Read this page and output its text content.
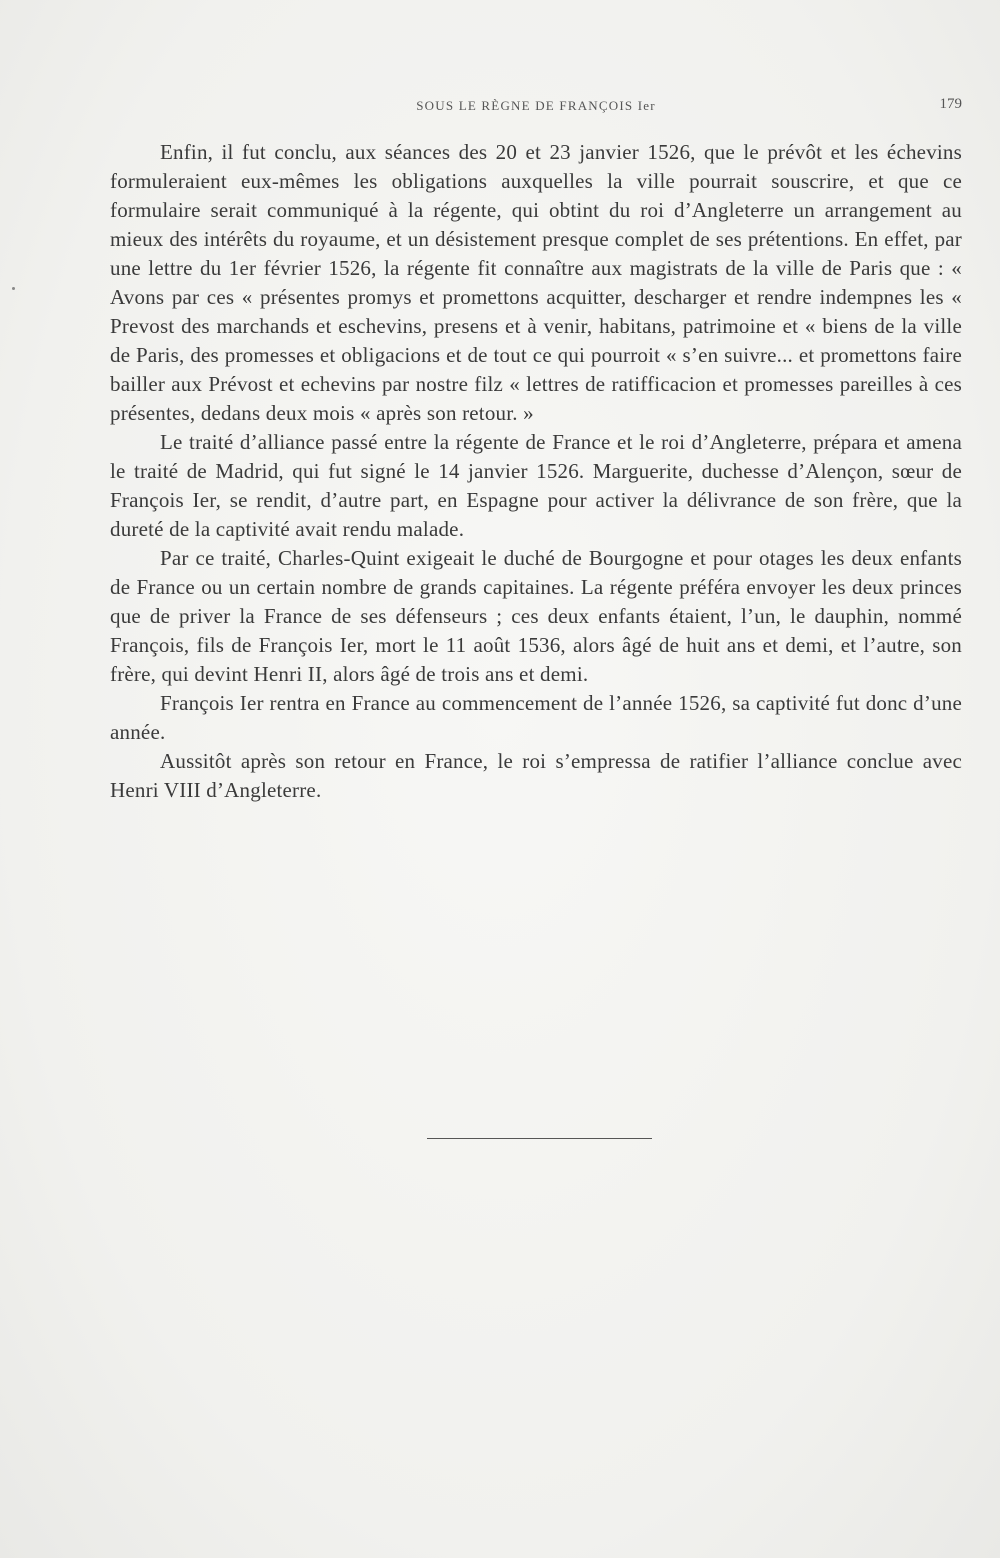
SOUS LE RÈGNE DE FRANÇOIS Ier	179

Enfin, il fut conclu, aux séances des 20 et 23 janvier 1526, que le prévôt et les échevins formuleraient eux-mêmes les obligations auxquelles la ville pourrait souscrire, et que ce formulaire serait communiqué à la régente, qui obtint du roi d’Angleterre un arrangement au mieux des intérêts du royaume, et un désistement presque complet de ses prétentions. En effet, par une lettre du 1er février 1526, la régente fit connaître aux magistrats de la ville de Paris que : « Avons par ces « présentes promys et promettons acquitter, descharger et rendre indempnes les « Prevost des marchands et eschevins, presens et à venir, habitans, patrimoine et « biens de la ville de Paris, des promesses et obligacions et de tout ce qui pourroit « s’en suivre... et promettons faire bailler aux Prévost et echevins par nostre filz « lettres de ratifficacion et promesses pareilles à ces présentes, dedans deux mois « après son retour. »

Le traité d’alliance passé entre la régente de France et le roi d’Angleterre, prépara et amena le traité de Madrid, qui fut signé le 14 janvier 1526. Marguerite, duchesse d’Alençon, sœur de François Ier, se rendit, d’autre part, en Espagne pour activer la délivrance de son frère, que la dureté de la captivité avait rendu malade.

Par ce traité, Charles-Quint exigeait le duché de Bourgogne et pour otages les deux enfants de France ou un certain nombre de grands capitaines. La régente préféra envoyer les deux princes que de priver la France de ses défenseurs ; ces deux enfants étaient, l’un, le dauphin, nommé François, fils de François Ier, mort le 11 août 1536, alors âgé de huit ans et demi, et l’autre, son frère, qui devint Henri II, alors âgé de trois ans et demi.

François Ier rentra en France au commencement de l’année 1526, sa captivité fut donc d’une année.

Aussitôt après son retour en France, le roi s’empressa de ratifier l’alliance conclue avec Henri VIII d’Angleterre.
